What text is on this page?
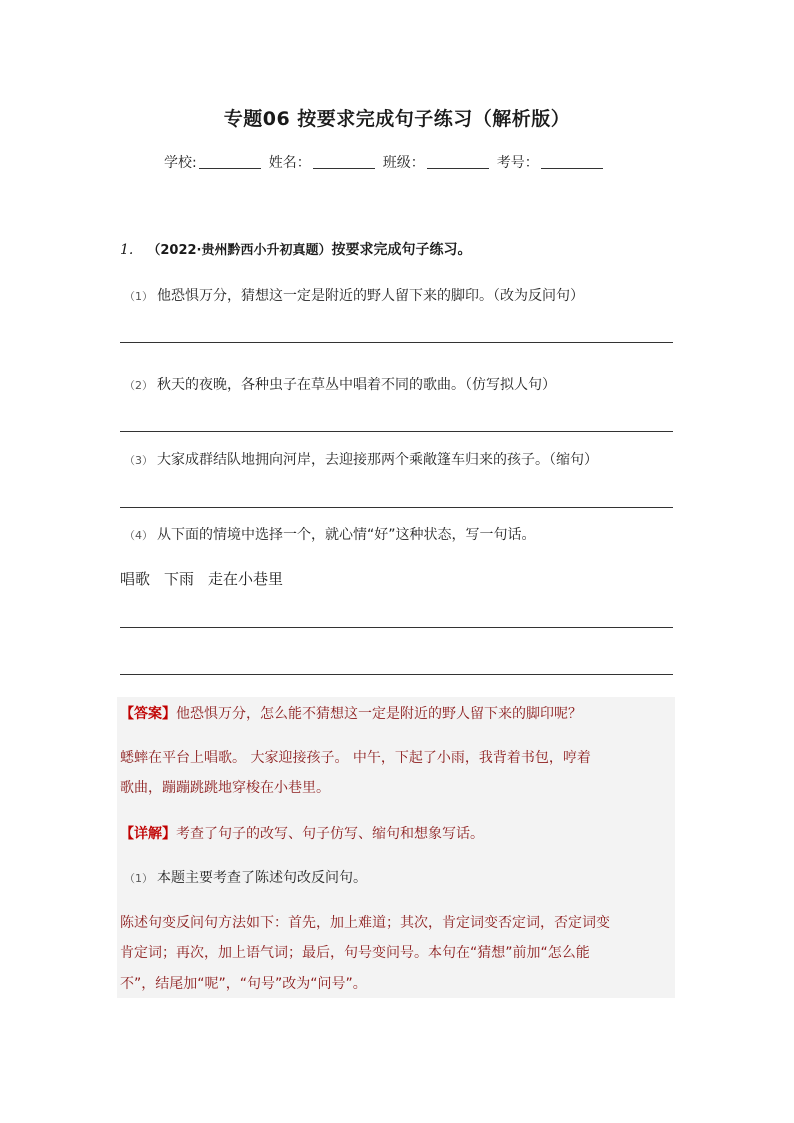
专题06 按要求完成句子练习（解析版）
学校:	姓名：	班级：	考号：
1. （2022·贵州黔西小升初真题）按要求完成句子练习。
（1） 他恐惧万分，猜想这一定是附近的野人留下来的脚印。（改为反问句）
（2） 秋天的夜晚，各种虫子在草丛中唱着不同的歌曲。（仿写拟人句）
（3） 大家成群结队地拥向河岸，去迎接那两个乘敞篷车归来的孩子。（缩句）
（4） 从下面的情境中选择一个，就心情“好”这种状态，写一句话。
唱歌 下雨 走在小巷里
【答案】他恐惧万分，怎么能不猜想这一定是附近的野人留下来的脚印呢？
蟋蟀在平台上唱歌。 大家迎接孩子。 中午，下起了小雨，我背着书包，哼着
歌曲，蹦蹦跳跳地穿梭在小巷里。
【详解】考查了句子的改写、句子仿写、缩句和想象写话。
（1） 本题主要考查了陈述句改反问句。
陈述句变反问句方法如下：首先，加上难道；其次，肯定词变否定词，否定词变
肯定词；再次，加上语气词；最后，句号变问号。本句在“猜想”前加“怎么能
不”，结尾加“呢”，“句号”改为“问号”。
